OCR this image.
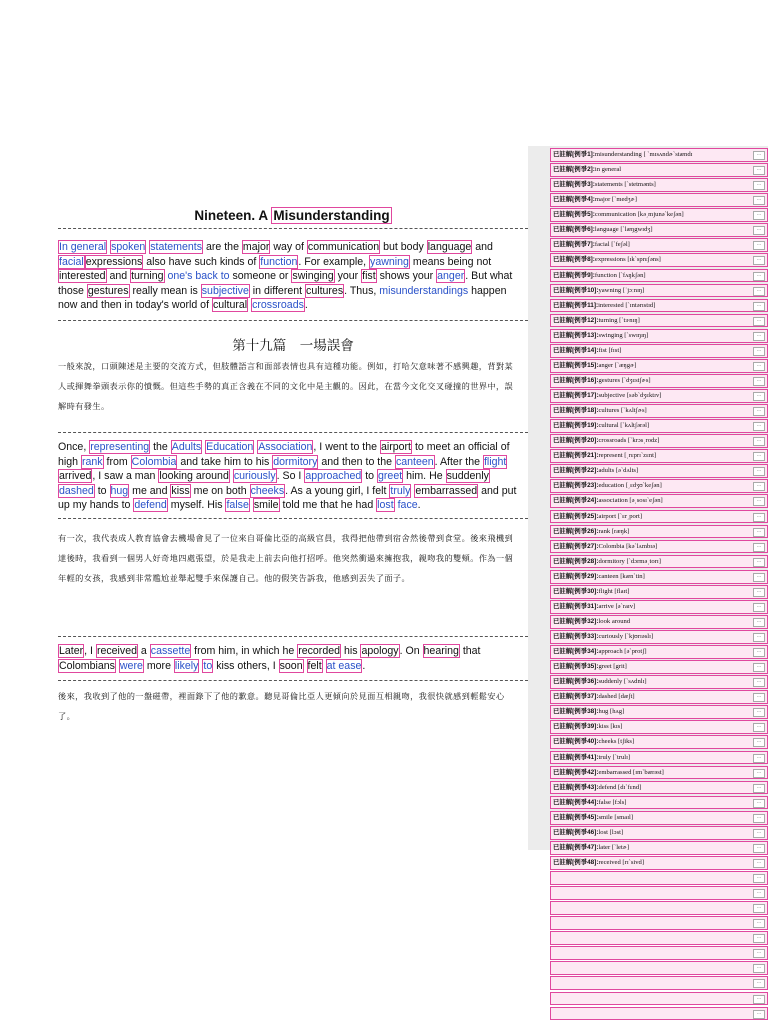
Nineteen. A Misunderstanding
In general spoken statements are the major way of communication but body language and facial expressions also have such kinds of function. For example, yawning means being not interested and turning one's back to someone or swinging your fist shows your anger. But what those gestures really mean is subjective in different cultures. Thus, misunderstandings happen now and then in today's world of cultural crossroads.
第十九篇　一場誤會
一般來說，口頭陳述是主要的交流方式，但肢體語言和面部表情也具有這種功能。例如，打哈欠意味著不感興趣，背對某人或揮舞拳頭表示你的憤慨。但這些手勢的真正含義在不同的文化中是主觀的。因此，在當今文化交叉碰撞的世界中，誤解時有發生。
Once, representing the Adults Education Association, I went to the airport to meet an official of high rank from Colombia and take him to his dormitory and then to the canteen. After the flight arrived, I saw a man looking around curiously. So I approached to greet him. He suddenly dashed to hug me and kiss me on both cheeks. As a young girl, I felt truly embarrassed and put up my hands to defend myself. His false smile told me that he had lost face.
有一次，我代表成人教育協會去機場會見了一位來自哥倫比亞的高級官員，我得把他帶到宿舍然後帶到食堂。後來飛機到達後時，我看到一個男人好奇地四處張望，於是我走上前去向他打招呼。他突然衝過來擁抱我，親吻我的雙頰。作為一個年輕的女孩，我感到非常尷尬並舉起雙手來保護自己。他的假笑告訴我，他感到丟失了面子。
Later, I received a cassette from him, in which he recorded his apology. On hearing that Colombians were more likely to kiss others, I soon felt at ease.
後來，我收到了他的一盤磁帶，裡面錄下了他的歉意。聽見哥倫比亞人更傾向於見面互相親吻，我很快就感到輕鬆安心了。
已註解[例爭1]:misunderstanding [ ˋmɪsʌndɚˋstændɪ	...
已註解[例爭2]:in general	...
已註解[例爭3]:statements [ˋstetmənts]	...
已註解[例爭4]:major [ˋmedʒɚ]	...
已註解[例爭5]:communication [kə͵mjunəˋkeʃən]	...
已註解[例爭6]:language [ˋlæŋgwɪdʒ]	...
已註解[例爭7]:facial [ˋfeʃəl]	...
已註解[例爭8]:expressions [ɪkˋsprɛʃəns]	...
已註解[例爭9]:function [ˋfʌŋkʃən]	...
已註解[例爭10]:yawning [ˈjɔːnɪŋ]	...
已註解[例爭11]:interested [ˋɪntərɪstɪd]	...
已註解[例爭12]:turning [ˋtɝnɪŋ]	...
已註解[例爭13]:swinging [ˋswɪŋɪŋ]	...
已註解[例爭14]:fist [fɪst]	...
已註解[例爭15]:anger [ˋæŋgɚ]	...
已註解[例爭16]:gestures [ˋdʒɛstʃɚs]	...
已註解[例爭17]:subjective [səbˋdʒɛktɪv]	...
已註解[例爭18]:cultures [ˋkʌltʃɚs]	...
已註解[例爭19]:cultural [ˋkʌltʃərəl]	...
已註解[例爭20]:crossroads [ˋkrɔs͵rodz]	...
已註解[例爭21]:represent [͵rɛprɪˋzɛnt]	...
已註解[例爭22]:adults [əˋdʌlts]	...
已註解[例爭23]:education [͵ɛdʒʊˋkeʃən]	...
已註解[例爭24]:association [ə͵sosɪˋeʃən]	...
已註解[例爭25]:airport [ˋɛr͵port]	...
已註解[例爭26]:rank [ræŋk]	...
已註解[例爭27]:Colombia [kəˋlʌmbɪə]	...
已註解[例爭28]:dormitory [ˋdɔrmə͵torɪ]	...
已註解[例爭29]:canteen [kænˋtin]	...
已註解[例爭30]:flight [flaɪt]	...
已註解[例爭31]:arrive [əˋraɪv]	...
已註解[例爭32]:look around	...
已註解[例爭33]:curiously [ˋkjʊrɪəslɪ]	...
已註解[例爭34]:approach [əˋprotʃ]	...
已註解[例爭35]:greet [grit]	...
已註解[例爭36]:suddenly [ˋsʌdnlɪ]	...
已註解[例爭37]:dashed [dæʃt]	...
已註解[例爭38]:hug [hʌg]	...
已註解[例爭39]:kiss [kɪs]	...
已註解[例爭40]:cheeks [tʃiks]	...
已註解[例爭41]:truly [ˋtrulɪ]	...
已註解[例爭42]:embarrassed [ɪmˋbærəst]	...
已註解[例爭43]:defend [dɪˋfɛnd]	...
已註解[例爭44]:false [fɔls]	...
已註解[例爭45]:smile [smaɪl]	...
已註解[例爭46]:lost [lɔst]	...
已註解[例爭47]:later [ˋletɚ]	...
已註解[例爭48]:received [rɪˋsivd]	...
...
...
...
...
...
...
...
...
...
...
